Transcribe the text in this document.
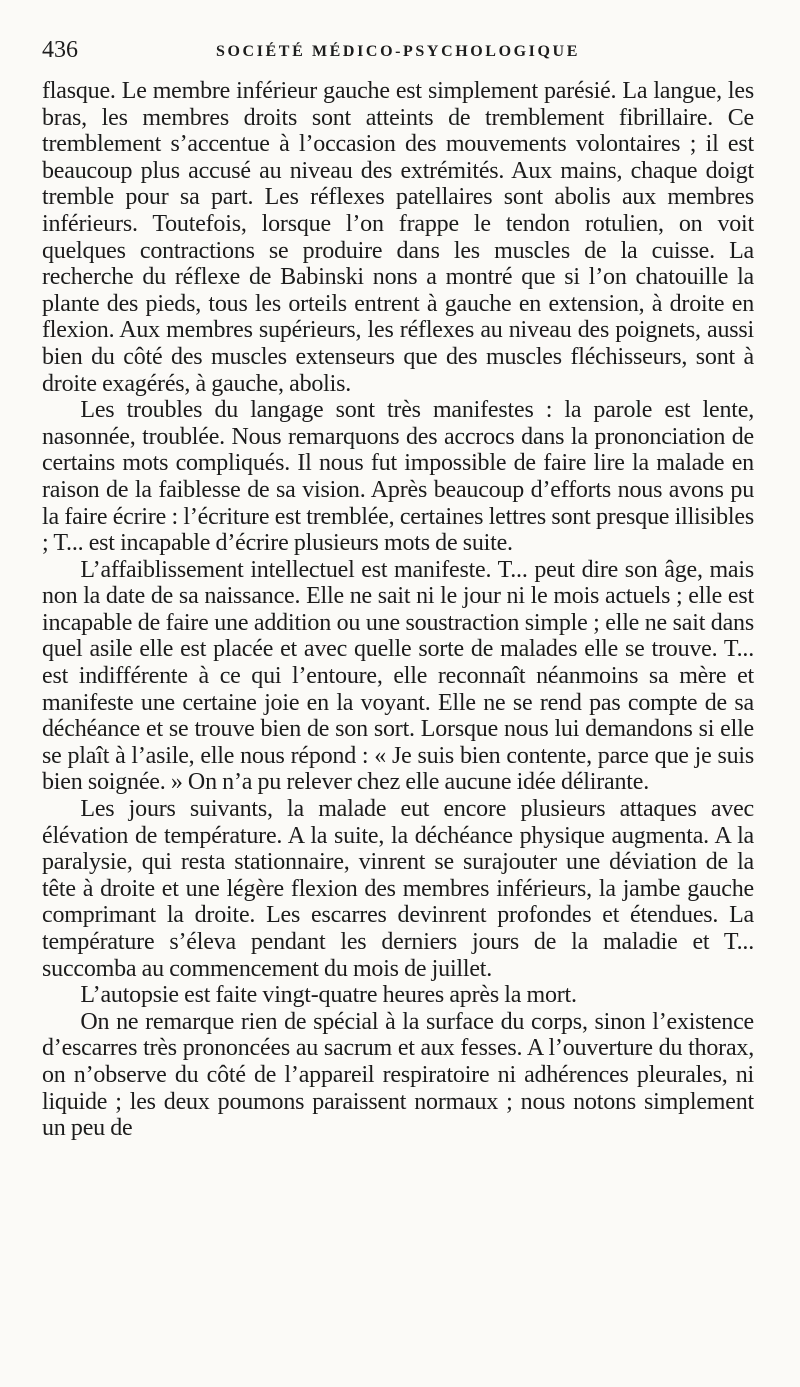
436	SOCIÉTÉ MÉDICO-PSYCHOLOGIQUE

flasque. Le membre inférieur gauche est simplement parésié. La langue, les bras, les membres droits sont atteints de tremblement fibrillaire. Ce tremblement s’accentue à l’occasion des mouvements volontaires ; il est beaucoup plus accusé au niveau des extrémités. Aux mains, chaque doigt tremble pour sa part. Les réflexes patellaires sont abolis aux membres inférieurs. Toutefois, lorsque l’on frappe le tendon rotulien, on voit quelques contractions se produire dans les muscles de la cuisse. La recherche du réflexe de Babinski nons a montré que si l’on chatouille la plante des pieds, tous les orteils entrent à gauche en extension, à droite en flexion. Aux membres supérieurs, les réflexes au niveau des poignets, aussi bien du côté des muscles extenseurs que des muscles fléchisseurs, sont à droite exagérés, à gauche, abolis.

Les troubles du langage sont très manifestes : la parole est lente, nasonnée, troublée. Nous remarquons des accrocs dans la prononciation de certains mots compliqués. Il nous fut impossible de faire lire la malade en raison de la faiblesse de sa vision. Après beaucoup d’efforts nous avons pu la faire écrire : l’écriture est tremblée, certaines lettres sont presque illisibles ; T... est incapable d’écrire plusieurs mots de suite.

L’affaiblissement intellectuel est manifeste. T... peut dire son âge, mais non la date de sa naissance. Elle ne sait ni le jour ni le mois actuels ; elle est incapable de faire une addition ou une soustraction simple ; elle ne sait dans quel asile elle est placée et avec quelle sorte de malades elle se trouve. T... est indifférente à ce qui l’entoure, elle reconnaît néanmoins sa mère et manifeste une certaine joie en la voyant. Elle ne se rend pas compte de sa déchéance et se trouve bien de son sort. Lorsque nous lui demandons si elle se plaît à l’asile, elle nous répond : « Je suis bien contente, parce que je suis bien soignée. » On n’a pu relever chez elle aucune idée délirante.

Les jours suivants, la malade eut encore plusieurs attaques avec élévation de température. A la suite, la déchéance physique augmenta. A la paralysie, qui resta stationnaire, vinrent se surajouter une déviation de la tête à droite et une légère flexion des membres inférieurs, la jambe gauche comprimant la droite. Les escarres devinrent profondes et étendues. La température s’éleva pendant les derniers jours de la maladie et T... succomba au commencement du mois de juillet.

L’autopsie est faite vingt-quatre heures après la mort.

On ne remarque rien de spécial à la surface du corps, sinon l’existence d’escarres très prononcées au sacrum et aux fesses. A l’ouverture du thorax, on n’observe du côté de l’appareil respiratoire ni adhérences pleurales, ni liquide ; les deux poumons paraissent normaux ; nous notons simplement un peu de
